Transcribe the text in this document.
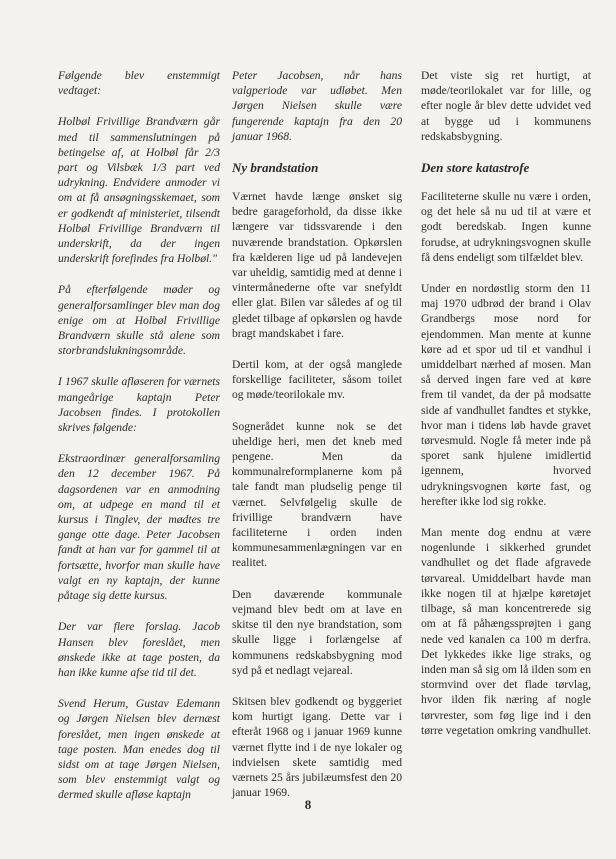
Følgende blev enstemmigt vedtaget:

Holbøl Frivillige Brandværn går med til sammenslutningen på betingelse af, at Holbøl får 2/3 part og Vilsbæk 1/3 part ved udrykning. Endvidere anmoder vi om at få ansøgningsskemaet, som er godkendt af ministeriet, tilsendt Holbøl Frivillige Brandværn til underskrift, da der ingen underskrift forefindes fra Holbøl."

På efterfølgende møder og generalforsamlinger blev man dog enige om at Holbøl Frivillige Brandværn skulle stå alene som storbrandslukningsområde.

I 1967 skulle afløseren for værnets mangeårige kaptajn Peter Jacobsen findes. I protokollen skrives følgende:

Ekstraordinær generalforsamling den 12 december 1967. På dagsordenen var en anmodning om, at udpege en mand til et kursus i Tinglev, der mødtes tre gange otte dage. Peter Jacobsen fandt at han var for gammel til at fortsætte, hvorfor man skulle have valgt en ny kaptajn, der kunne påtage sig dette kursus.

Der var flere forslag. Jacob Hansen blev foreslået, men ønskede ikke at tage posten, da han ikke kunne afse tid til det.

Svend Herum, Gustav Edemann og Jørgen Nielsen blev dernæst foreslået, men ingen ønskede at tage posten. Man enedes dog til sidst om at tage Jørgen Nielsen, som blev enstemmigt valgt og dermed skulle afløse kaptajn

Peter Jacobsen, når hans valgperiode var udløbet. Men Jørgen Nielsen skulle være fungerende kaptajn fra den 20 januar 1968.

Ny brandstation

Værnet havde længe ønsket sig bedre garageforhold, da disse ikke længere var tidssvarende i den nuværende brandstation. Opkørslen fra kælderen lige ud på landevejen var uheldig, samtidig med at denne i vintermånederne ofte var snefyldt eller glat. Bilen var således af og til gledet tilbage af opkørslen og havde bragt mandskabet i fare.

Dertil kom, at der også manglede forskellige faciliteter, såsom toilet og møde/teorilokale mv.

Sognerådet kunne nok se det uheldige heri, men det kneb med pengene. Men da kommunalreformplanerne kom på tale fandt man pludselig penge til værnet. Selvfølgelig skulle de frivillige brandværn have faciliteterne i orden inden kommunesammenlægningen var en realitet.

Den daværende kommunale vejmand blev bedt om at lave en skitse til den nye brandstation, som skulle ligge i forlængelse af kommunens redskabsbygning mod syd på et nedlagt vejareal.

Skitsen blev godkendt og byggeriet kom hurtigt igang. Dette var i efteråt 1968 og i januar 1969 kunne værnet flytte ind i de nye lokaler og indvielsen skete samtidig med værnets 25 års jubilæumsfest den 20 januar 1969.

Det viste sig ret hurtigt, at møde/teorilokalet var for lille, og efter nogle år blev dette udvidet ved at bygge ud i kommunens redskabsbygning.

Den store katastrofe

Faciliteterne skulle nu være i orden, og det hele så nu ud til at være et godt beredskab. Ingen kunne forudse, at udrykningsvognen skulle få dens endeligt som tilfældet blev.

Under en nordøstlig storm den 11 maj 1970 udbrød der brand i Olav Grandbergs mose nord for ejendommen. Man mente at kunne køre ad et spor ud til et vandhul i umiddelbart nærhed af mosen. Man så derved ingen fare ved at køre frem til vandet, da der på modsatte side af vandhullet fandtes et stykke, hvor man i tidens løb havde gravet tørvesmuld. Nogle få meter inde på sporet sank hjulene imidlertid igennem, hvorved udrykningsvognen kørte fast, og herefter ikke lod sig rokke.

Man mente dog endnu at være nogenlunde i sikkerhed grundet vandhullet og det flade afgravede tørvareal. Umiddelbart havde man ikke nogen til at hjælpe køretøjet tilbage, så man koncentrerede sig om at få påhængssprøjten i gang nede ved kanalen ca 100 m derfra. Det lykkedes ikke lige straks, og inden man så sig om lå ilden som en stormvind over det flade tørvlag, hvor ilden fik næring af nogle tørvrester, som føg lige ind i den tørre vegetation omkring vandhullet.

8
